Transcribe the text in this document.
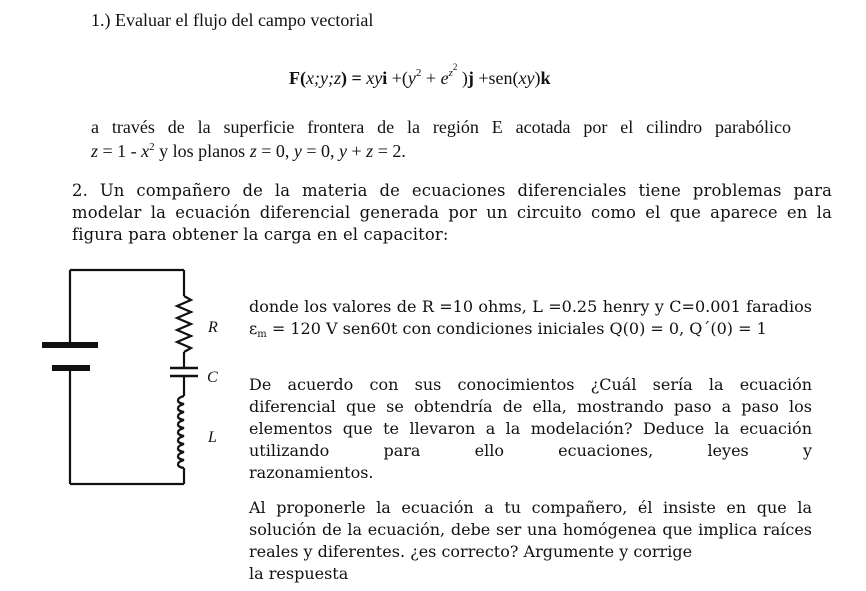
1.) Evaluar el flujo del campo vectorial
F(x;y;z) = xyi $+(y^2 + e^{z^2}$ )j +sen(xy)k
a través de la superficie frontera de la región E acotada por el cilindro parabólico
$z = 1 - x^2$ y los planos z = 0, y = 0, y + z = 2.
2. Un compañero de la materia de ecuaciones diferenciales tiene problemas para modelar la ecuación diferencial generada por un circuito como el que aparece en la figura para obtener la carga en el capacitor:
R
C
L
donde los valores de R =10 ohms, L =0.25 henry y C=0.001 faradios $\varepsilon_m = 120$ V sen60t con condiciones iniciales Q(0) = 0, Q´(0) = 1
De acuerdo con sus conocimientos ¿Cuál sería la ecuación diferencial que se obtendría de ella, mostrando paso a paso los elementos que te llevaron a la modelación? Deduce la ecuación utilizando para ello ecuaciones, leyes y
razonamientos.
Al proponerle la ecuación a tu compañero, él insiste en que la solución de la ecuación, debe ser una homógenea que implica raíces reales y diferentes. ¿es correcto? Argumente y corrige
la respuesta
